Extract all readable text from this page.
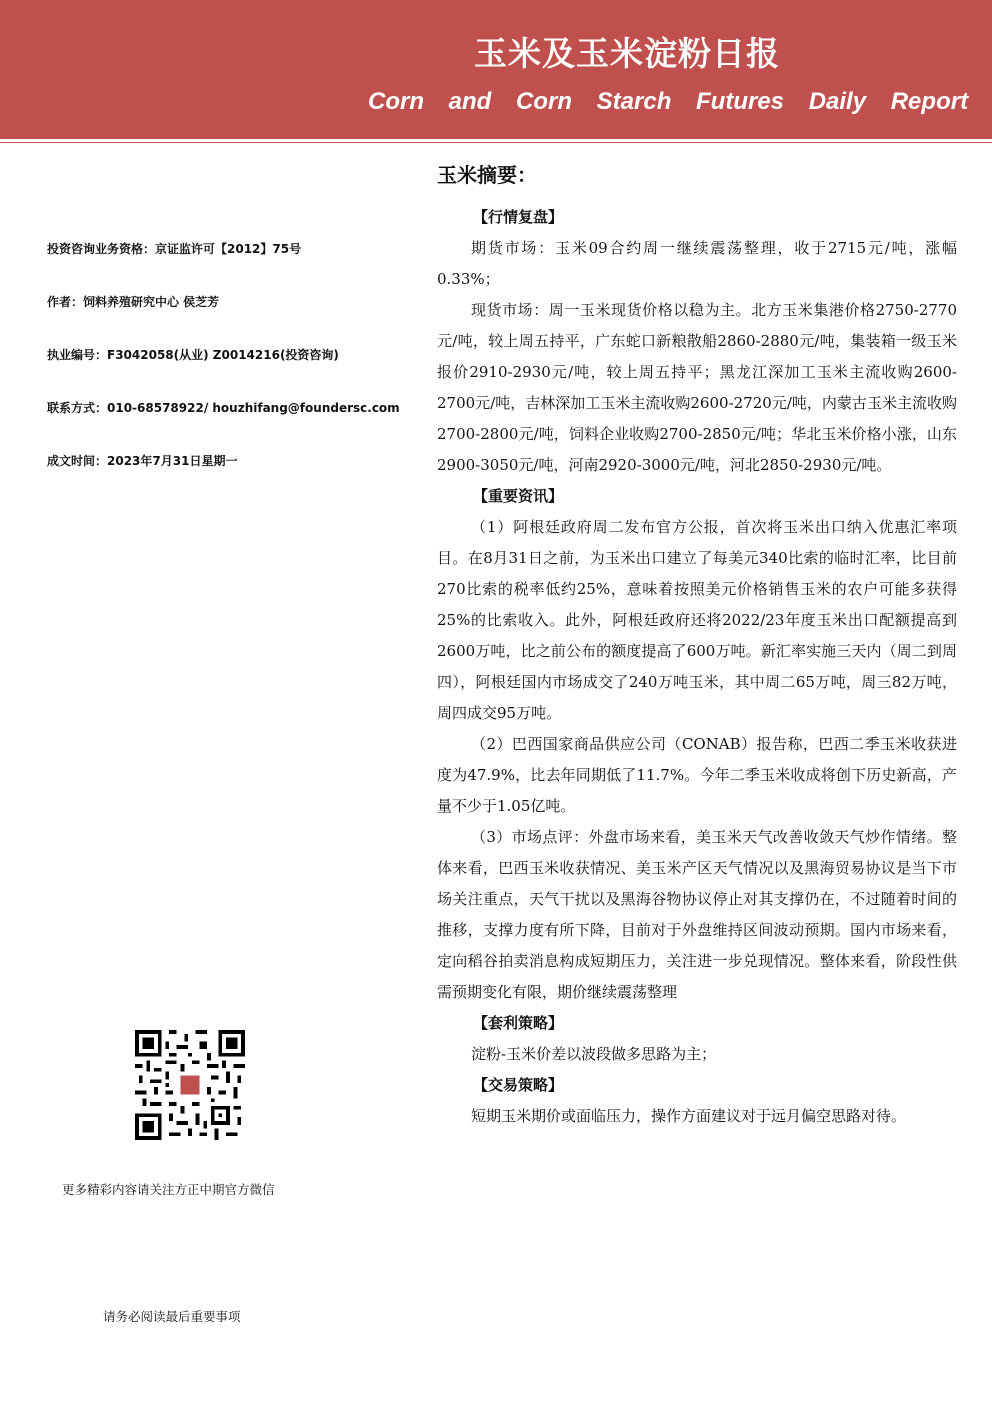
玉米及玉米淀粉日报
Corn and Corn Starch Futures Daily Report
投资咨询业务资格：京证监许可【2012】75号
作者：饲料养殖研究中心 侯芝芳
执业编号：F3042058(从业) Z0014216(投资咨询)
联系方式：010-68578922/ houzhifang@foundersc.com
成文时间：2023年7月31日星期一
更多精彩内容请关注方正中期官方微信
请务必阅读最后重要事项
玉米摘要：
【行情复盘】

期货市场：玉米09合约周一继续震荡整理，收于2715元/吨，涨幅0.33%；

现货市场：周一玉米现货价格以稳为主。北方玉米集港价格2750-2770元/吨，较上周五持平，广东蛇口新粮散船2860-2880元/吨，集装箱一级玉米报价2910-2930元/吨，较上周五持平；黑龙江深加工玉米主流收购2600-2700元/吨，吉林深加工玉米主流收购2600-2720元/吨，内蒙古玉米主流收购2700-2800元/吨，饲料企业收购2700-2850元/吨；华北玉米价格小涨，山东2900-3050元/吨，河南2920-3000元/吨，河北2850-2930元/吨。

【重要资讯】

（1）阿根廷政府周二发布官方公报，首次将玉米出口纳入优惠汇率项目。在8月31日之前，为玉米出口建立了每美元340比索的临时汇率，比目前270比索的税率低约25%，意味着按照美元价格销售玉米的农户可能多获得25%的比索收入。此外，阿根廷政府还将2022/23年度玉米出口配额提高到2600万吨，比之前公布的额度提高了600万吨。新汇率实施三天内（周二到周四），阿根廷国内市场成交了240万吨玉米，其中周二65万吨，周三82万吨，周四成交95万吨。

（2）巴西国家商品供应公司（CONAB）报告称，巴西二季玉米收获进度为47.9%，比去年同期低了11.7%。今年二季玉米收成将创下历史新高，产量不少于1.05亿吨。

（3）市场点评：外盘市场来看，美玉米天气改善收敛天气炒作情绪。整体来看，巴西玉米收获情况、美玉米产区天气情况以及黑海贸易协议是当下市场关注重点，天气干扰以及黑海谷物协议停止对其支撑仍在，不过随着时间的推移，支撑力度有所下降，目前对于外盘维持区间波动预期。国内市场来看，定向稻谷拍卖消息构成短期压力，关注进一步兑现情况。整体来看，阶段性供需预期变化有限，期价继续震荡整理

【套利策略】

淀粉-玉米价差以波段做多思路为主；

【交易策略】

短期玉米期价或面临压力，操作方面建议对于远月偏空思路对待。
